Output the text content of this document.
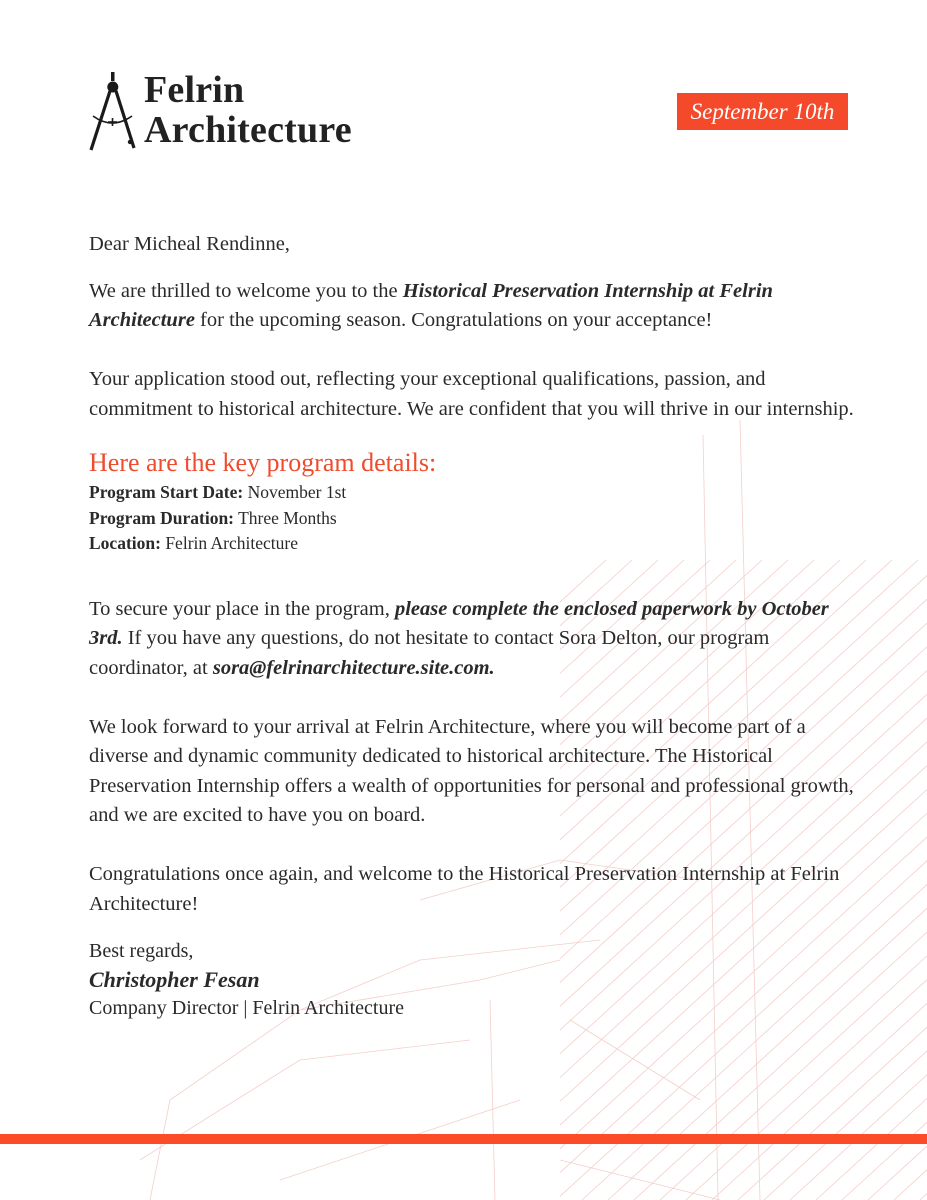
Felrin
Architecture	September 10th

Dear Micheal Rendinne,

We are thrilled to welcome you to the Historical Preservation Internship at Felrin Architecture for the upcoming season. Congratulations on your acceptance!

Your application stood out, reflecting your exceptional qualifications, passion, and commitment to historical architecture. We are confident that you will thrive in our internship.

Here are the key program details:

Program Start Date: November 1st
Program Duration: Three Months
Location: Felrin Architecture

To secure your place in the program, please complete the enclosed paperwork by October 3rd. If you have any questions, do not hesitate to contact Sora Delton, our program coordinator, at sora@felrinarchitecture.site.com.

We look forward to your arrival at Felrin Architecture, where you will become part of a diverse and dynamic community dedicated to historical architecture. The Historical Preservation Internship offers a wealth of opportunities for personal and professional growth, and we are excited to have you on board.

Congratulations once again, and welcome to the Historical Preservation Internship at Felrin Architecture!

Best regards,
Christopher Fesan
Company Director | Felrin Architecture
